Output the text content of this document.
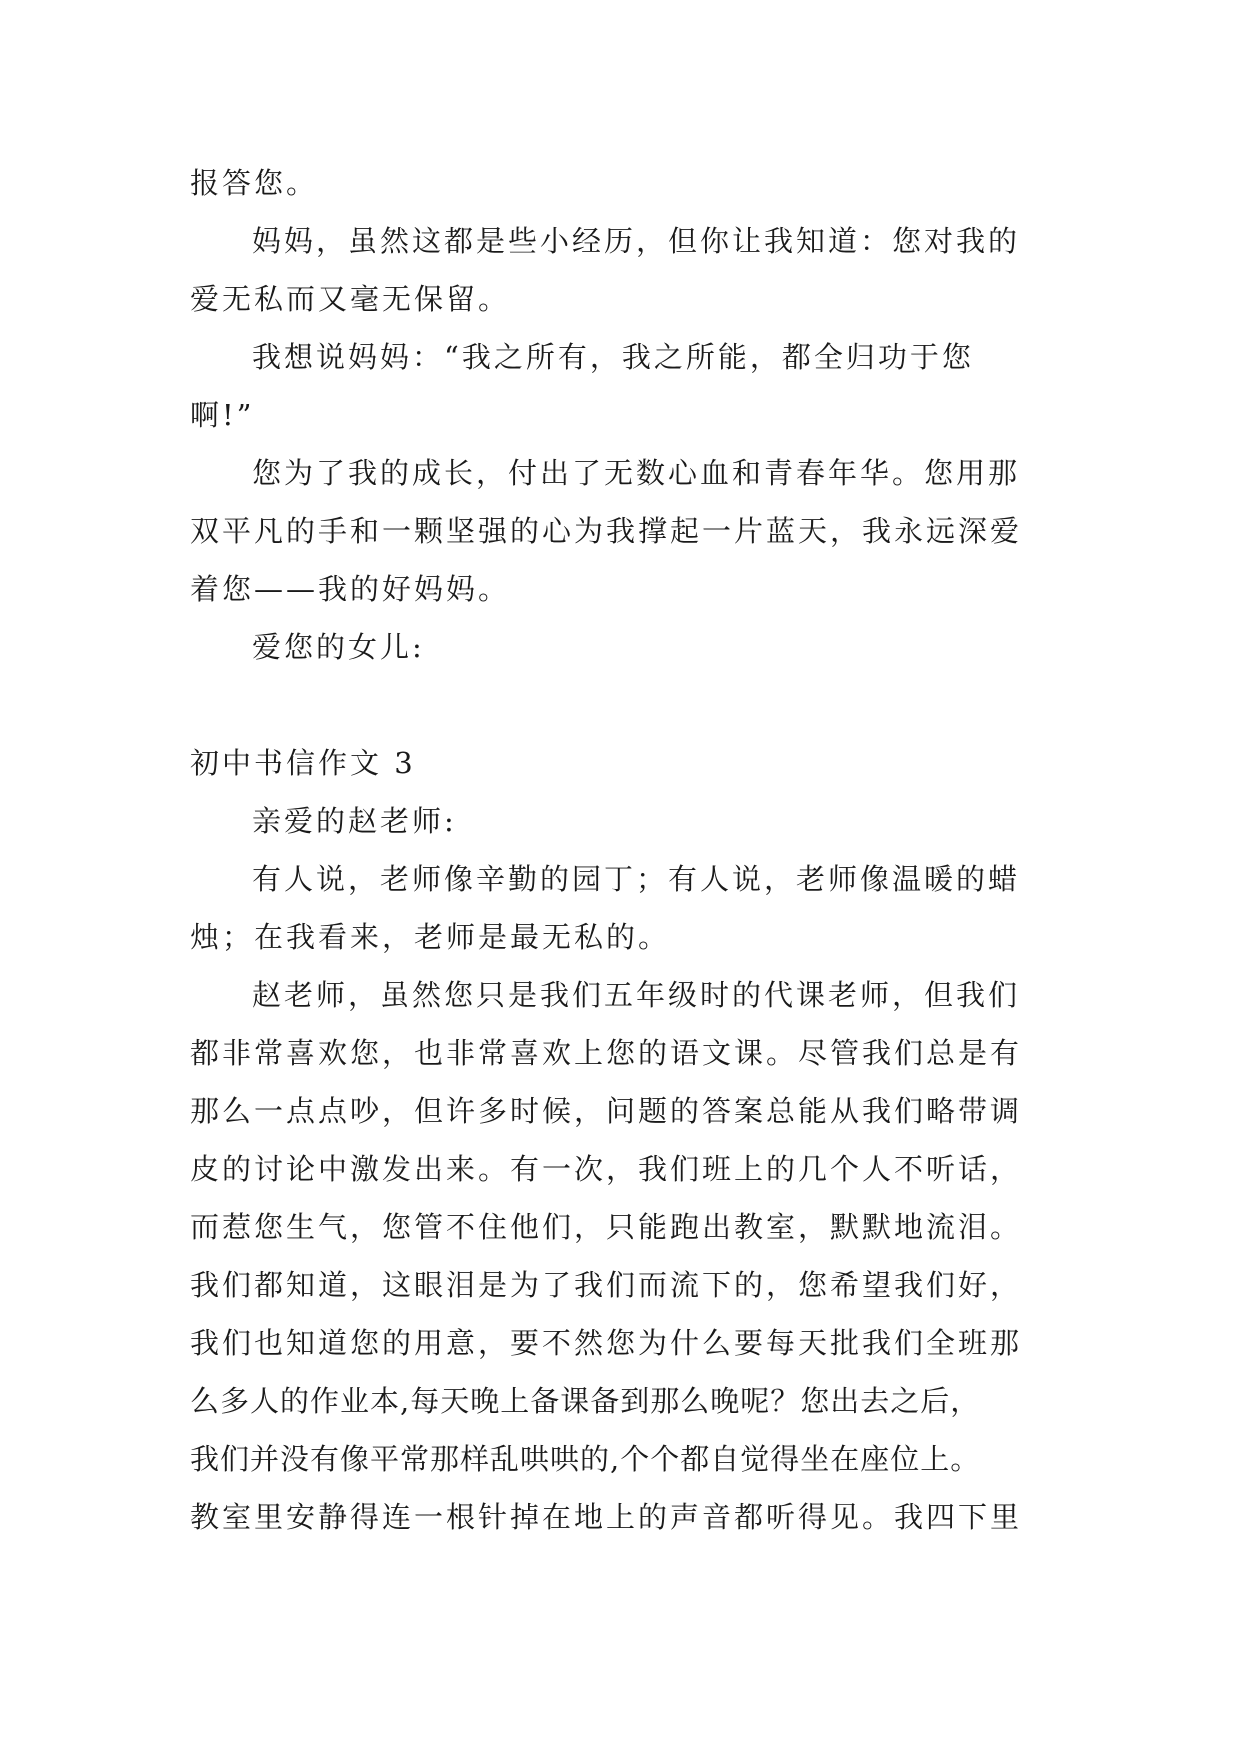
报答您。
妈妈，虽然这都是些小经历，但你让我知道：您对我的
爱无私而又毫无保留。
我想说妈妈：“我之所有，我之所能，都全归功于您
啊!”
您为了我的成长，付出了无数心血和青春年华。您用那
双平凡的手和一颗坚强的心为我撑起一片蓝天，我永远深爱
着您——我的好妈妈。
爱您的女儿:
初中书信作文 3
亲爱的赵老师:
有人说，老师像辛勤的园丁；有人说，老师像温暖的蜡
烛；在我看来，老师是最无私的。
赵老师，虽然您只是我们五年级时的代课老师，但我们
都非常喜欢您，也非常喜欢上您的语文课。尽管我们总是有
那么一点点吵，但许多时候，问题的答案总能从我们略带调
皮的讨论中激发出来。有一次，我们班上的几个人不听话，
而惹您生气，您管不住他们，只能跑出教室，默默地流泪。
我们都知道，这眼泪是为了我们而流下的，您希望我们好，
我们也知道您的用意，要不然您为什么要每天批我们全班那
么多人的作业本,每天晚上备课备到那么晚呢？您出去之后，
我们并没有像平常那样乱哄哄的,个个都自觉得坐在座位上。
教室里安静得连一根针掉在地上的声音都听得见。我四下里
